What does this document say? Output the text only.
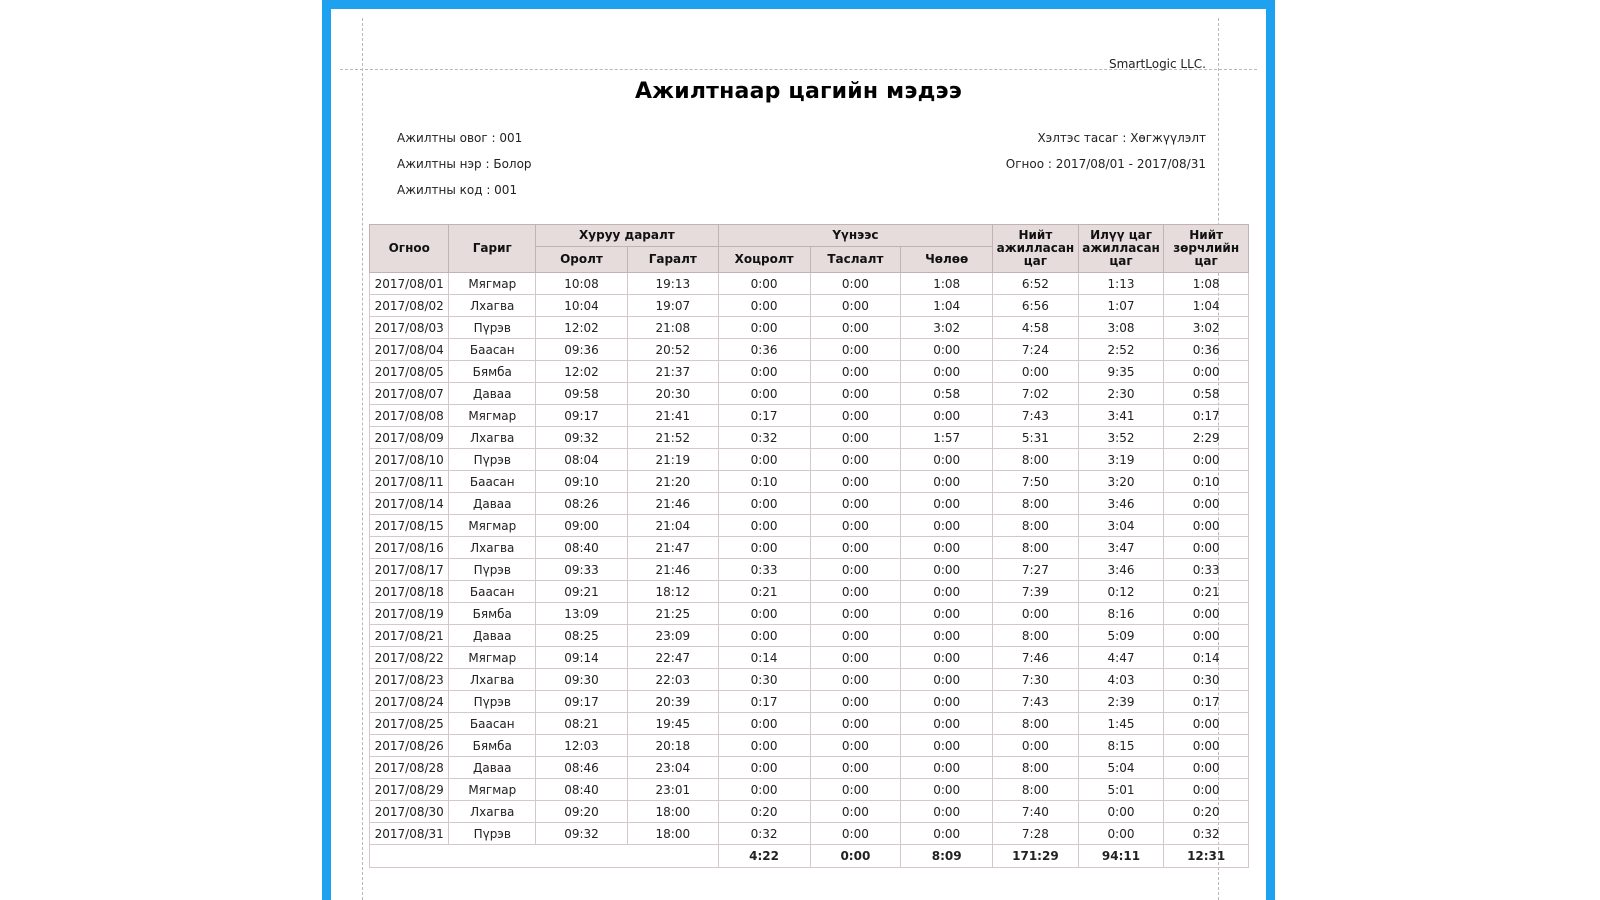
SmartLogic LLC.
Ажилтнаар цагийн мэдээ
Ажилтны овог : 001
Ажилтны нэр : Болор
Ажилтны код : 001
Хэлтэс тасаг : Хөгжүүлэлт
Огноо : 2017/08/01 - 2017/08/31
Огноо	Гариг	Хуруу даралт		Үүнээс			Нийт ажилласан цаг	Илүү цаг ажилласан цаг	Нийт зөрчлийн цаг
		Оролт	Гаралт	Хоцролт	Таслалт	Чөлөө			
2017/08/01	Мягмар	10:08	19:13	0:00	0:00	1:08	6:52	1:13	1:08
2017/08/02	Лхагва	10:04	19:07	0:00	0:00	1:04	6:56	1:07	1:04
2017/08/03	Пүрэв	12:02	21:08	0:00	0:00	3:02	4:58	3:08	3:02
2017/08/04	Баасан	09:36	20:52	0:36	0:00	0:00	7:24	2:52	0:36
2017/08/05	Бямба	12:02	21:37	0:00	0:00	0:00	0:00	9:35	0:00
2017/08/07	Даваа	09:58	20:30	0:00	0:00	0:58	7:02	2:30	0:58
2017/08/08	Мягмар	09:17	21:41	0:17	0:00	0:00	7:43	3:41	0:17
2017/08/09	Лхагва	09:32	21:52	0:32	0:00	1:57	5:31	3:52	2:29
2017/08/10	Пүрэв	08:04	21:19	0:00	0:00	0:00	8:00	3:19	0:00
2017/08/11	Баасан	09:10	21:20	0:10	0:00	0:00	7:50	3:20	0:10
2017/08/14	Даваа	08:26	21:46	0:00	0:00	0:00	8:00	3:46	0:00
2017/08/15	Мягмар	09:00	21:04	0:00	0:00	0:00	8:00	3:04	0:00
2017/08/16	Лхагва	08:40	21:47	0:00	0:00	0:00	8:00	3:47	0:00
2017/08/17	Пүрэв	09:33	21:46	0:33	0:00	0:00	7:27	3:46	0:33
2017/08/18	Баасан	09:21	18:12	0:21	0:00	0:00	7:39	0:12	0:21
2017/08/19	Бямба	13:09	21:25	0:00	0:00	0:00	0:00	8:16	0:00
2017/08/21	Даваа	08:25	23:09	0:00	0:00	0:00	8:00	5:09	0:00
2017/08/22	Мягмар	09:14	22:47	0:14	0:00	0:00	7:46	4:47	0:14
2017/08/23	Лхагва	09:30	22:03	0:30	0:00	0:00	7:30	4:03	0:30
2017/08/24	Пүрэв	09:17	20:39	0:17	0:00	0:00	7:43	2:39	0:17
2017/08/25	Баасан	08:21	19:45	0:00	0:00	0:00	8:00	1:45	0:00
2017/08/26	Бямба	12:03	20:18	0:00	0:00	0:00	0:00	8:15	0:00
2017/08/28	Даваа	08:46	23:04	0:00	0:00	0:00	8:00	5:04	0:00
2017/08/29	Мягмар	08:40	23:01	0:00	0:00	0:00	8:00	5:01	0:00
2017/08/30	Лхагва	09:20	18:00	0:20	0:00	0:00	7:40	0:00	0:20
2017/08/31	Пүрэв	09:32	18:00	0:32	0:00	0:00	7:28	0:00	0:32
				4:22	0:00	8:09	171:29	94:11	12:31
